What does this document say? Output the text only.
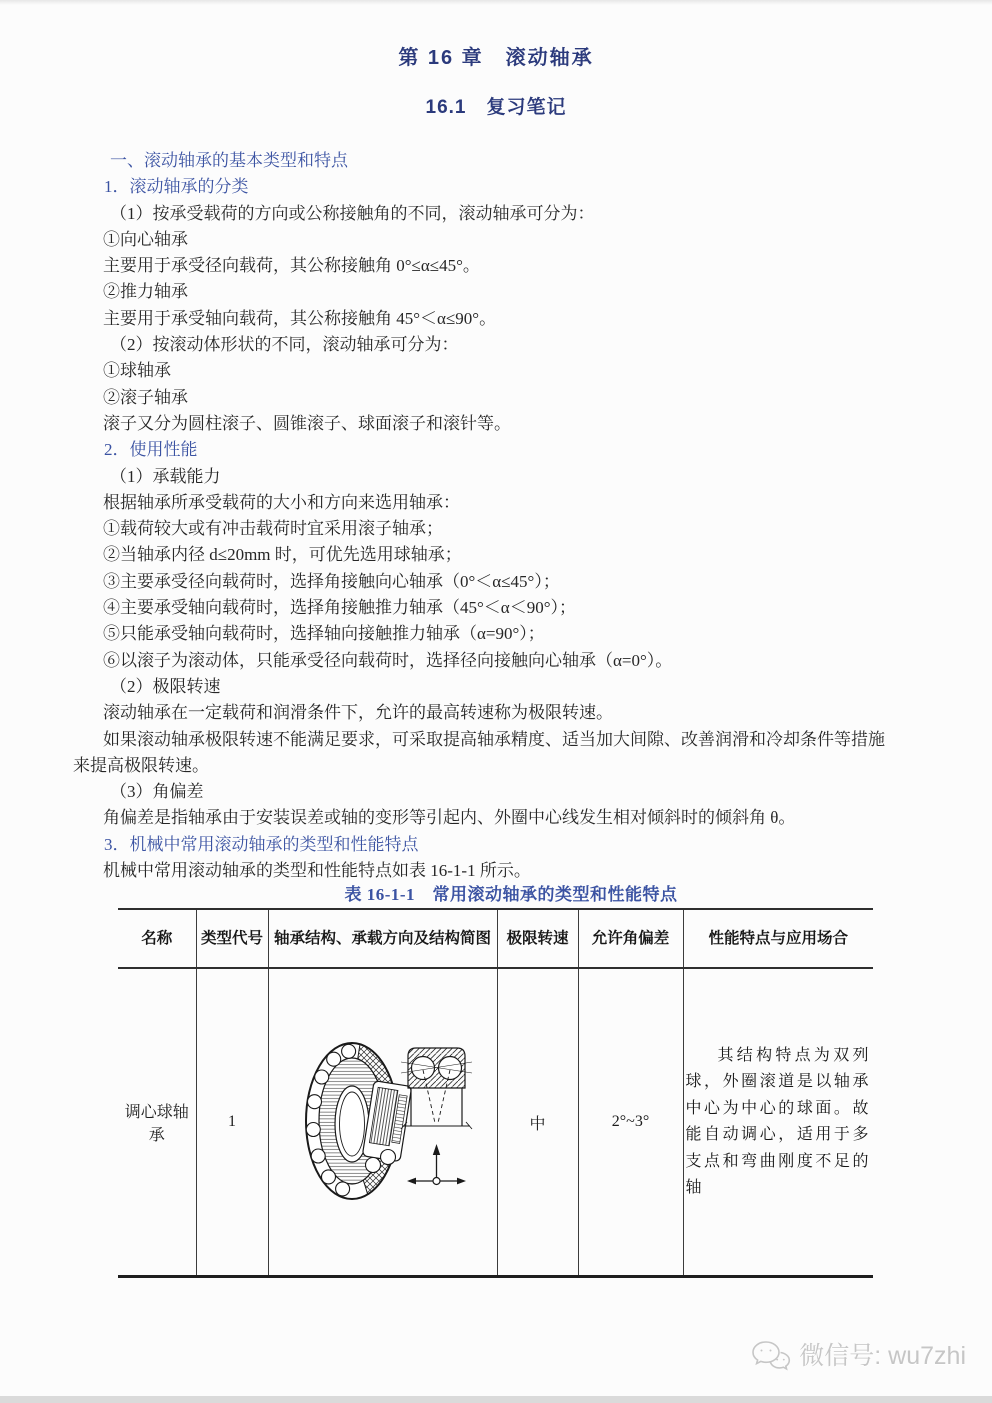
第 16 章　滚动轴承
16.1　复习笔记
一、滚动轴承的基本类型和特点
1．滚动轴承的分类
（1）按承受载荷的方向或公称接触角的不同，滚动轴承可分为：
①向心轴承
主要用于承受径向载荷，其公称接触角 0°≤α≤45°。
②推力轴承
主要用于承受轴向载荷，其公称接触角 45°＜α≤90°。
（2）按滚动体形状的不同，滚动轴承可分为：
①球轴承
②滚子轴承
滚子又分为圆柱滚子、圆锥滚子、球面滚子和滚针等。
2．使用性能
（1）承载能力
根据轴承所承受载荷的大小和方向来选用轴承：
①载荷较大或有冲击载荷时宜采用滚子轴承；
②当轴承内径 d≤20mm 时，可优先选用球轴承；
③主要承受径向载荷时，选择角接触向心轴承（0°＜α≤45°）；
④主要承受轴向载荷时，选择角接触推力轴承（45°＜α＜90°）；
⑤只能承受轴向载荷时，选择轴向接触推力轴承（α=90°）；
⑥以滚子为滚动体，只能承受径向载荷时，选择径向接触向心轴承（α=0°）。
（2）极限转速
滚动轴承在一定载荷和润滑条件下，允许的最高转速称为极限转速。
如果滚动轴承极限转速不能满足要求，可采取提高轴承精度、适当加大间隙、改善润滑和冷却条件等措施来提高极限转速。
（3）角偏差
角偏差是指轴承由于安装误差或轴的变形等引起内、外圈中心线发生相对倾斜时的倾斜角 θ。
3．机械中常用滚动轴承的类型和性能特点
机械中常用滚动轴承的类型和性能特点如表 16-1-1 所示。

表 16-1-1　常用滚动轴承的类型和性能特点

名称	类型代号	轴承结构、承载方向及结构简图	极限转速	允许角偏差	性能特点与应用场合
调心球轴承	1		中	2°~3°	其结构特点为双列球，外圈滚道是以轴承中心为中心的球面。故能自动调心，适用于多支点和弯曲刚度不足的轴

微信号: wu7zhi
